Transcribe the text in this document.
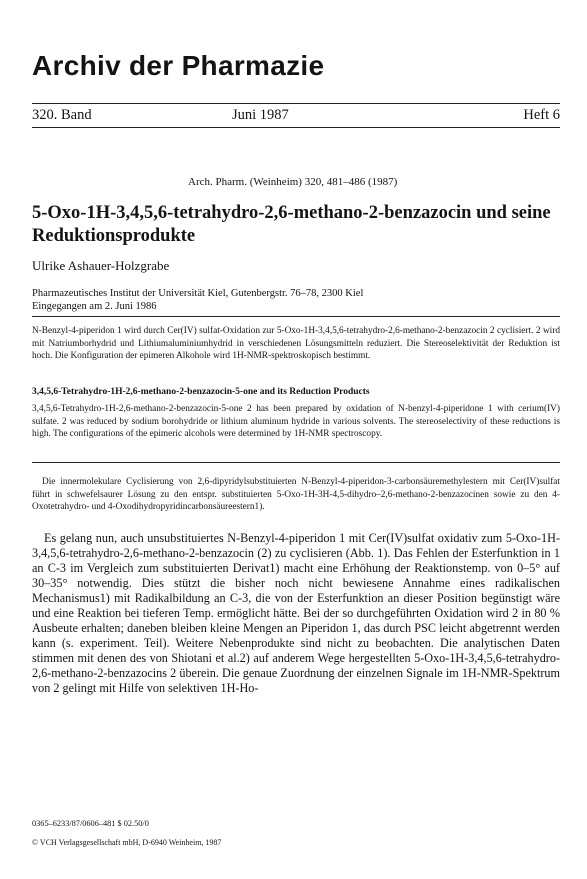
Archiv der Pharmazie
320. Band	Juni 1987	Heft 6
Arch. Pharm. (Weinheim) 320, 481–486 (1987)
5-Oxo-1H-3,4,5,6-tetrahydro-2,6-methano-2-benzazocin und seine Reduktionsprodukte
Ulrike Ashauer-Holzgrabe
Pharmazeutisches Institut der Universität Kiel, Gutenbergstr. 76–78, 2300 Kiel
Eingegangen am 2. Juni 1986
N-Benzyl-4-piperidon 1 wird durch Cer(IV) sulfat-Oxidation zur 5-Oxo-1H-3,4,5,6-tetrahydro-2,6-methano-2-benzazocin 2 cyclisiert. 2 wird mit Natriumborhydrid und Lithiumaluminiumhydrid in verschiedenen Lösungsmitteln reduziert. Die Stereoselektivität der Reduktion ist hoch. Die Konfiguration der epimeren Alkohole wird 1H-NMR-spektroskopisch bestimmt.
3,4,5,6-Tetrahydro-1H-2,6-methano-2-benzazocin-5-one and its Reduction Products
3,4,5,6-Tetrahydro-1H-2,6-methano-2-benzazocin-5-one 2 has been prepared by oxidation of N-benzyl-4-piperidone 1 with cerium(IV) sulfate. 2 was reduced by sodium borohydride or lithium aluminum hydride in various solvents. The stereoselectivity of these reductions is high. The configurations of the epimeric alcohols were determined by 1H-NMR spectroscopy.
Die innermolekulare Cyclisierung von 2,6-dipyridylsubstituierten N-Benzyl-4-piperidon-3-carbonsäuremethylestern mit Cer(IV)sulfat führt in schwefelsaurer Lösung zu den entspr. substituierten 5-Oxo-1H-3H-4,5-dihydro–2,6-methano-2-benzazocinen sowie zu den 4-Oxotetrahydro- und 4-Oxodihydropyridincarbonsäureestern1).
Es gelang nun, auch unsubstituiertes N-Benzyl-4-piperidon 1 mit Cer(IV)sulfat oxidativ zum 5-Oxo-1H-3,4,5,6-tetrahydro-2,6-methano-2-benzazocin (2) zu cyclisieren (Abb. 1). Das Fehlen der Esterfunktion in 1 an C-3 im Vergleich zum substituierten Derivat1) macht eine Erhöhung der Reaktionstemp. von 0–5° auf 30–35° notwendig. Dies stützt die bisher noch nicht bewiesene Annahme eines radikalischen Mechanismus1) mit Radikalbildung an C-3, die von der Esterfunktion an dieser Position begünstigt wäre und eine Reaktion bei tieferen Temp. ermöglicht hätte. Bei der so durchgeführten Oxidation wird 2 in 80 % Ausbeute erhalten; daneben bleiben kleine Mengen an Piperidon 1, das durch PSC leicht abgetrennt werden kann (s. experiment. Teil). Weitere Nebenprodukte sind nicht zu beobachten. Die analytischen Daten stimmen mit denen des von Shiotani et al.2) auf anderem Wege hergestellten 5-Oxo-1H-3,4,5,6-tetrahydro-2,6-methano-2-benzazocins 2 überein. Die genaue Zuordnung der einzelnen Signale im 1H-NMR-Spektrum von 2 gelingt mit Hilfe von selektiven 1H-Ho-
0365–6233/87/0606–481 $ 02.50/0
© VCH Verlagsgesellschaft mbH, D-6940 Weinheim, 1987
